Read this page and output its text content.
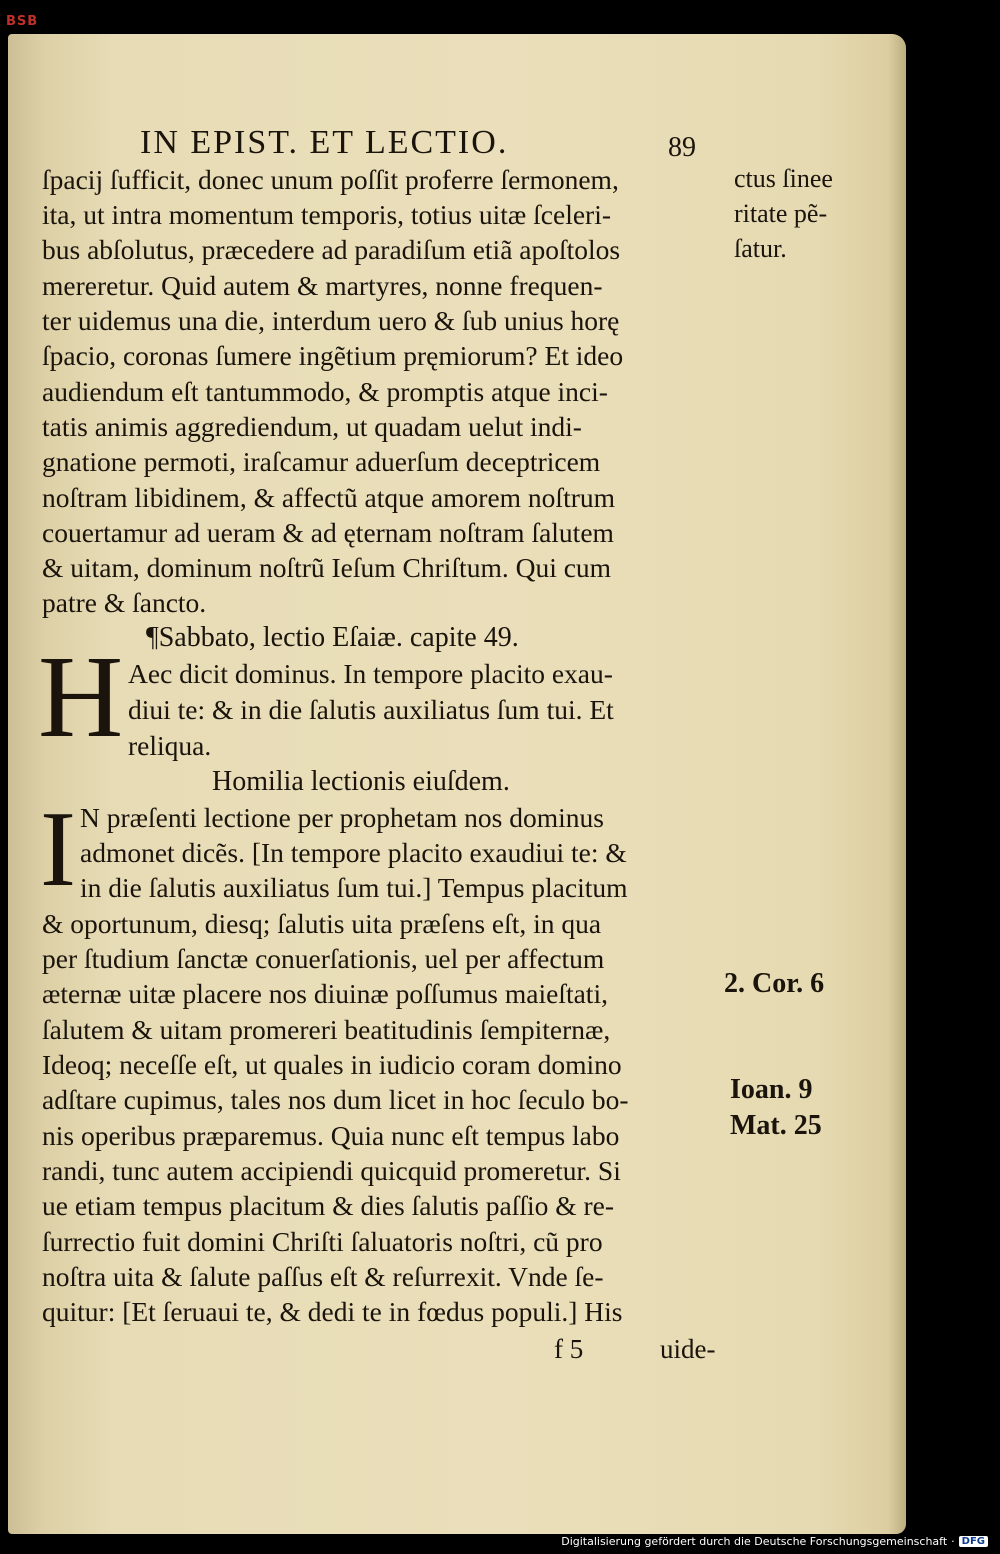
IN EPIST. ET LECTIO.	89
ſpacij ſufficit, donec unum poſſit proferre ſermonem,
ita, ut intra momentum temporis, totius uitæ ſceleri-
bus abſolutus, præcedere ad paradiſum etiã apoſtolos
mereretur. Quid autem & martyres, nonne frequen-
ter uidemus una die, interdum uero & ſub unius horę
ſpacio, coronas ſumere ingẽtium pręmiorum? Et ideo
audiendum eſt tantummodo, & promptis atque inci-
tatis animis aggrediendum, ut quadam uelut indi-
gnatione permoti, iraſcamur aduerſum deceptricem
noſtram libidinem, & affectũ atque amorem noſtrum
couertamur ad ueram & ad ęternam noſtram ſalutem
& uitam, dominum noſtrũ Ieſum Chriſtum. Qui cum
patre & ſancto.
ctus ſinee
ritate pẽ-
ſatur.
¶Sabbato, lectio Eſaiæ. capite 49.
H Aec dicit dominus. In tempore placito exau-
diui te: & in die ſalutis auxiliatus ſum tui. Et
reliqua.
Homilia lectionis eiuſdem.
I N præſenti lectione per prophetam nos dominus
admonet dicẽs. [In tempore placito exaudiui te: &
in die ſalutis auxiliatus ſum tui.] Tempus placitum
& oportunum, diesq; ſalutis uita præſens eſt, in qua
per ſtudium ſanctæ conuerſationis, uel per affectum
æternæ uitæ placere nos diuinæ poſſumus maieſtati,
ſalutem & uitam promereri beatitudinis ſempiternæ,
Ideoq; neceſſe eſt, ut quales in iudicio coram domino
adſtare cupimus, tales nos dum licet in hoc ſeculo bo-
nis operibus præparemus. Quia nunc eſt tempus labo
randi, tunc autem accipiendi quicquid promeretur. Si
ue etiam tempus placitum & dies ſalutis paſſio & re-
ſurrectio fuit domini Chriſti ſaluatoris noſtri, cũ pro
noſtra uita & ſalute paſſus eſt & reſurrexit. Vnde ſe-
quitur: [Et ſeruaui te, & dedi te in fœdus populi.] His
2. Cor. 6
Ioan. 9
Mat. 25
f 5	uide-
BSB
Digitalisierung gefördert durch die Deutsche Forschungsgemeinschaft · DFG
